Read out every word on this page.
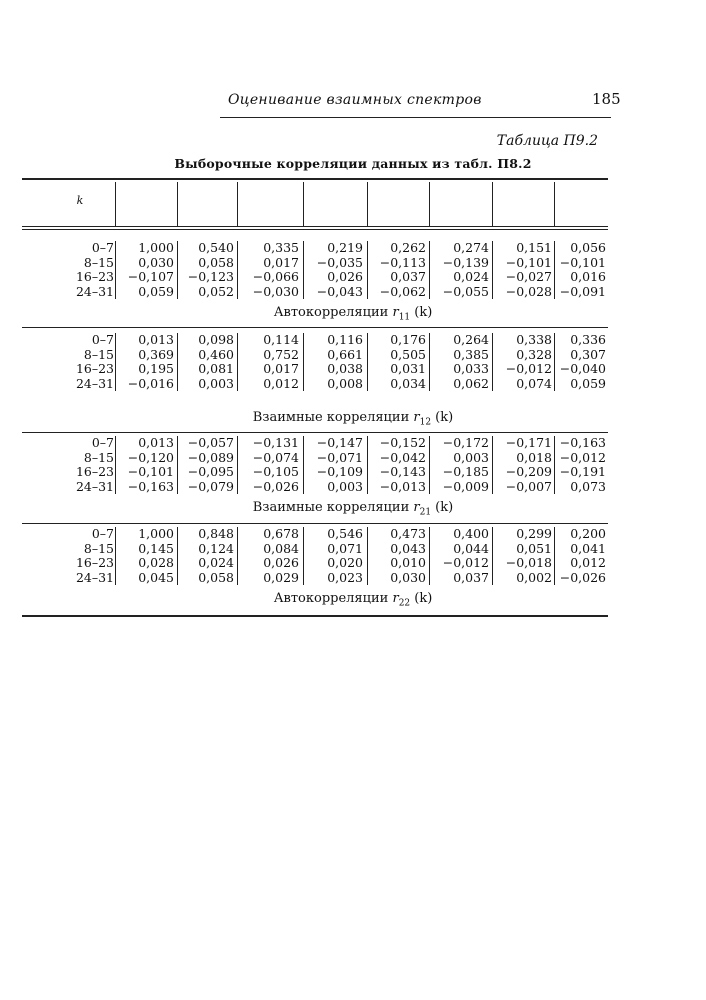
Оценивание взаимных спектров	185
Таблица П9.2
Выборочные корреляции данных из табл. П8.2
k
0–7	1,000	0,540	0,335	0,219	0,262	0,274	0,151	0,056
8–15	0,030	0,058	0,017	−0,035	−0,113	−0,139	−0,101 −0,101
16–23	−0,107	−0,123	−0,066	0,026	0,037	0,024	−0,027	0,016
24–31	0,059	0,052	−0,030	−0,043	−0,062	−0,055	−0,028 −0,091
Автокорреляции $r_{11}$ (k)
0–7	0,013	0,098	0,114	0,116	0,176	0,264	0,338	0,336
8–15	0,369	0,460	0,752	0,661	0,505	0,385	0,328	0,307
16–23	0,195	0,081	0,017	0,038	0,031	0,033	−0,012 −0,040
24–31	−0,016	0,003	0,012	0,008	0,034	0,062	0,074	0,059
Взаимные корреляции $r_{12}$ (k)
0–7	0,013	−0,057	−0,131	−0,147	−0,152	−0,172	−0,171 −0,163
8–15	−0,120	−0,089	−0,074	−0,071	−0,042	0,003	0,018 −0,012
16–23	−0,101	−0,095	−0,105	−0,109	−0,143	−0,185	−0,209 −0,191
24–31	−0,163	−0,079	−0,026	0,003	−0,013	−0,009	−0,007	0,073
Взаимные корреляции $r_{21}$ (k)
0–7	1,000	0,848	0,678	0,546	0,473	0,400	0,299	0,200
8–15	0,145	0,124	0,084	0,071	0,043	0,044	0,051	0,041
16–23	0,028	0,024	0,026	0,020	0,010	−0,012	−0,018	0,012
24–31	0,045	0,058	0,029	0,023	0,030	0,037	0,002 −0,026
Автокорреляции $r_{22}$ (k)
